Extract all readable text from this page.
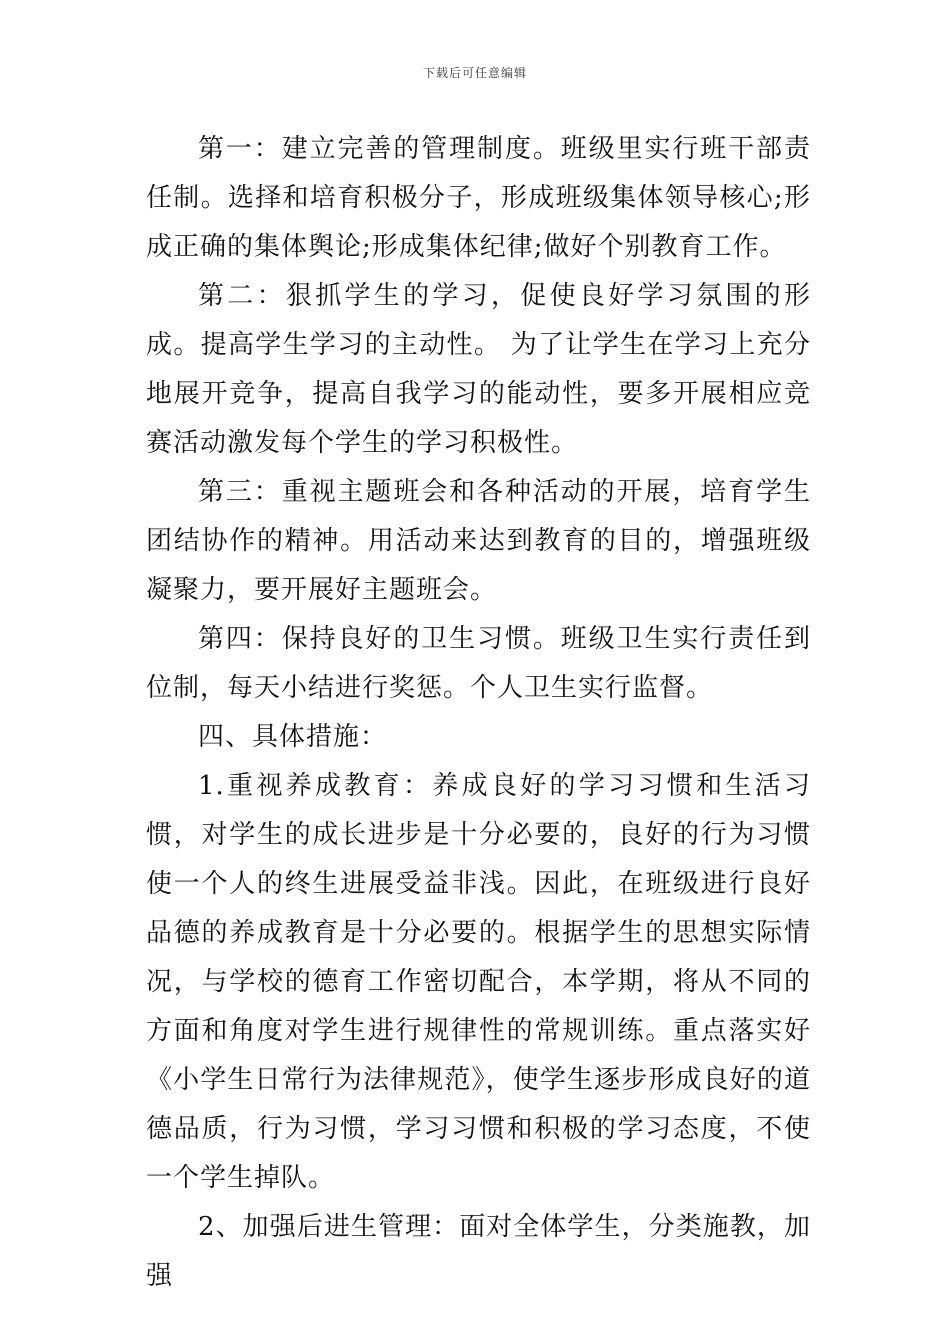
下载后可任意编辑

第一：建立完善的管理制度。班级里实行班干部责任制。选择和培育积极分子，形成班级集体领导核心;形成正确的集体舆论;形成集体纪律;做好个别教育工作。

第二：狠抓学生的学习，促使良好学习氛围的形成。提高学生学习的主动性。 为了让学生在学习上充分地展开竞争，提高自我学习的能动性，要多开展相应竞赛活动激发每个学生的学习积极性。

第三：重视主题班会和各种活动的开展，培育学生团结协作的精神。用活动来达到教育的目的，增强班级凝聚力，要开展好主题班会。

第四：保持良好的卫生习惯。班级卫生实行责任到位制，每天小结进行奖惩。个人卫生实行监督。

四、具体措施：

1.重视养成教育：养成良好的学习习惯和生活习惯，对学生的成长进步是十分必要的，良好的行为习惯使一个人的终生进展受益非浅。因此，在班级进行良好品德的养成教育是十分必要的。根据学生的思想实际情况，与学校的德育工作密切配合，本学期，将从不同的方面和角度对学生进行规律性的常规训练。重点落实好《小学生日常行为法律规范》，使学生逐步形成良好的道德品质，行为习惯，学习习惯和积极的学习态度，不使一个学生掉队。

2、加强后进生管理：面对全体学生，分类施教，加强
